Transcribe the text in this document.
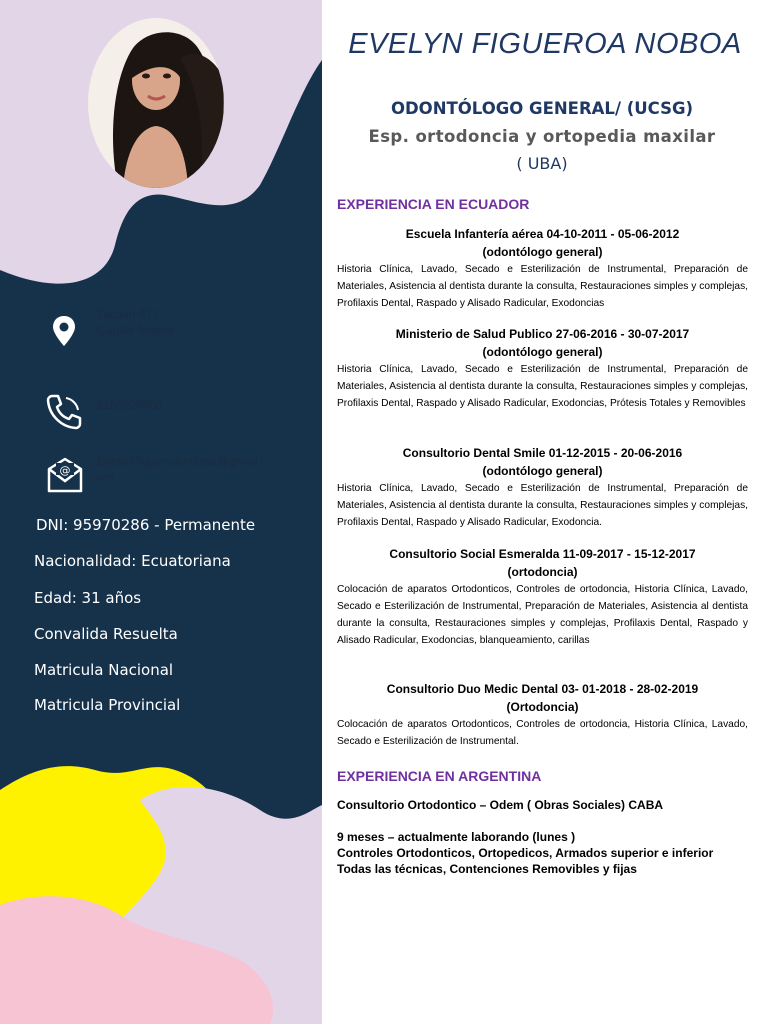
Tacuari 472
Capital federal
1156026005
@
Evelyn.figueroa.noboa@gmail.com
DNI: 95970286 - Permanente
Nacionalidad: Ecuatoriana
Edad: 31 años
Convalida Resuelta
Matricula Nacional
Matricula Provincial
EVELYN FIGUEROA NOBOA
ODONTÓLOGO GENERAL/ (UCSG)
Esp. ortodoncia y ortopedia maxilar
( UBA)
EXPERIENCIA EN ECUADOR
Escuela Infantería aérea 04-10-2011 - 05-06-2012
(odontólogo general)
Historia Clínica, Lavado, Secado e Esterilización de Instrumental, Preparación de Materiales, Asistencia al dentista durante la consulta, Restauraciones simples y complejas, Profilaxis Dental, Raspado y Alisado Radicular, Exodoncias
Ministerio de Salud Publico 27-06-2016 - 30-07-2017
(odontólogo general)
Historia Clínica, Lavado, Secado e Esterilización de Instrumental, Preparación de Materiales, Asistencia al dentista durante la consulta, Restauraciones simples y complejas, Profilaxis Dental, Raspado y Alisado Radicular, Exodoncias, Prótesis Totales y Removibles
Consultorio Dental Smile 01-12-2015 - 20-06-2016
(odontólogo general)
Historia Clínica, Lavado, Secado e Esterilización de Instrumental, Preparación de Materiales, Asistencia al dentista durante la consulta, Restauraciones simples y complejas, Profilaxis Dental, Raspado y Alisado Radicular, Exodoncia.
Consultorio Social Esmeralda 11-09-2017 - 15-12-2017
(ortodoncia)
Colocación de aparatos Ortodonticos, Controles de ortodoncia, Historia Clínica, Lavado, Secado e Esterilización de Instrumental, Preparación de Materiales, Asistencia al dentista durante la consulta, Restauraciones simples y complejas, Profilaxis Dental, Raspado y Alisado Radicular, Exodoncias, blanqueamiento, carillas
Consultorio Duo Medic Dental 03- 01-2018 - 28-02-2019
(Ortodoncia)
Colocación de aparatos Ortodonticos, Controles de ortodoncia, Historia Clínica, Lavado, Secado e Esterilización de Instrumental.
EXPERIENCIA EN ARGENTINA
Consultorio Ortodontico – Odem ( Obras Sociales) CABA
9 meses – actualmente laborando (lunes )
Controles Ortodonticos, Ortopedicos, Armados superior e inferior
Todas las técnicas, Contenciones Removibles y fijas
